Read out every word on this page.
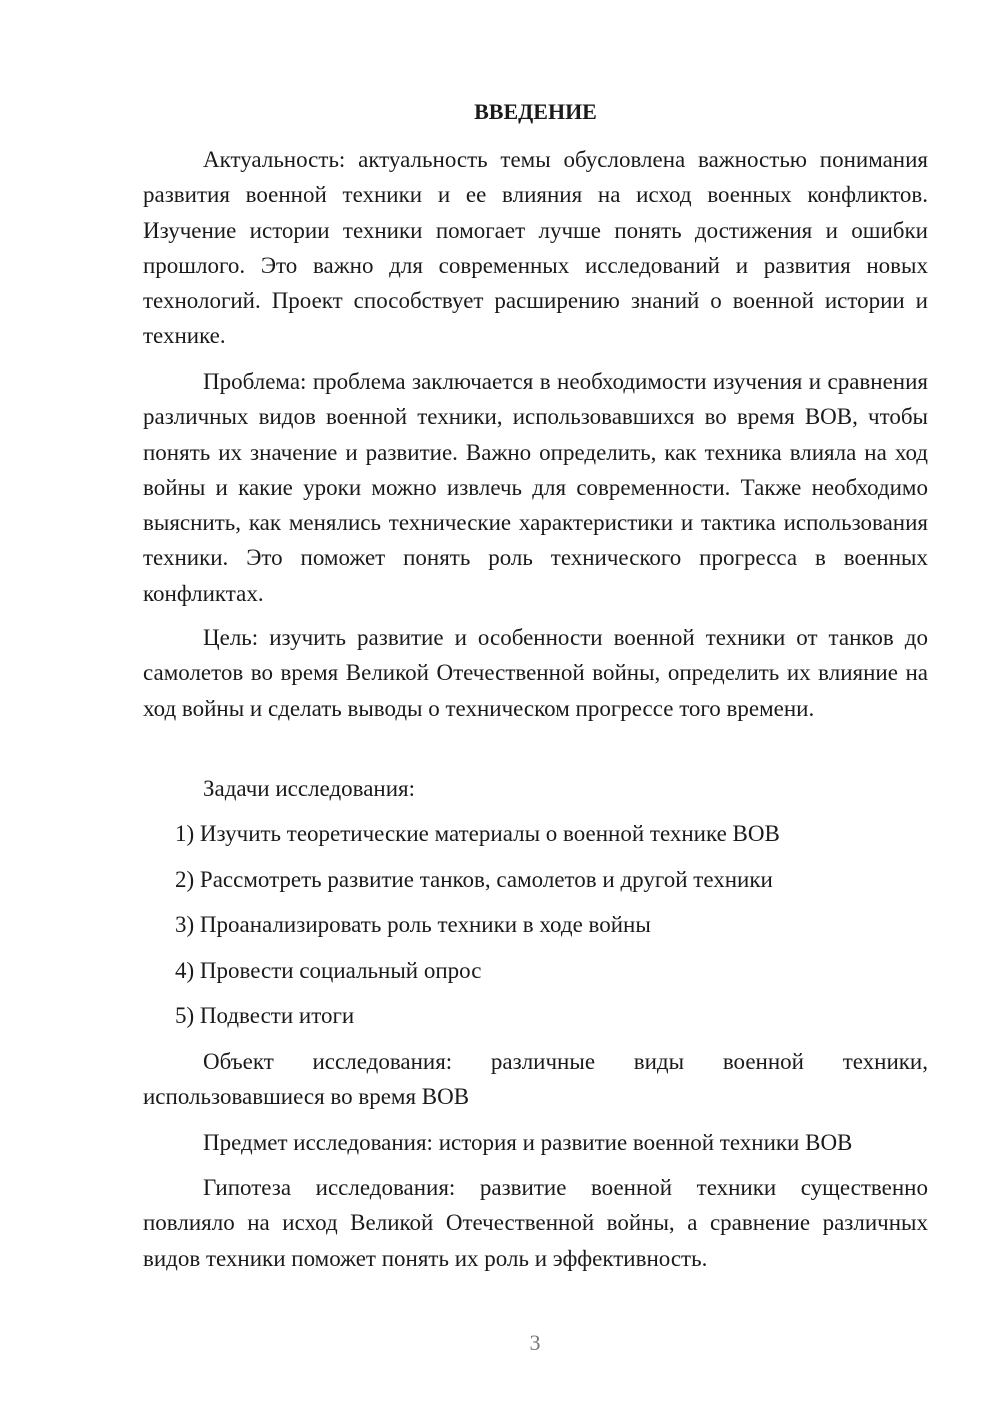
ВВЕДЕНИЕ

Актуальность: актуальность темы обусловлена важностью понимания развития военной техники и ее влияния на исход военных конфликтов. Изучение истории техники помогает лучше понять достижения и ошибки прошлого. Это важно для современных исследований и развития новых технологий. Проект способствует расширению знаний о военной истории и технике.

Проблема: проблема заключается в необходимости изучения и сравнения различных видов военной техники, использовавшихся во время ВОВ, чтобы понять их значение и развитие. Важно определить, как техника влияла на ход войны и какие уроки можно извлечь для современности. Также необходимо выяснить, как менялись технические характеристики и тактика использования техники. Это поможет понять роль технического прогресса в военных конфликтах.

Цель: изучить развитие и особенности военной техники от танков до самолетов во время Великой Отечественной войны, определить их влияние на ход войны и сделать выводы о техническом прогрессе того времени.

Задачи исследования:
1) Изучить теоретические материалы о военной технике ВОВ
2) Рассмотреть развитие танков, самолетов и другой техники
3) Проанализировать роль техники в ходе войны
4) Провести социальный опрос
5) Подвести итоги

Объект исследования: различные виды военной техники, использовавшиеся во время ВОВ

Предмет исследования: история и развитие военной техники ВОВ

Гипотеза исследования: развитие военной техники существенно повлияло на исход Великой Отечественной войны, а сравнение различных видов техники поможет понять их роль и эффективность.

3
